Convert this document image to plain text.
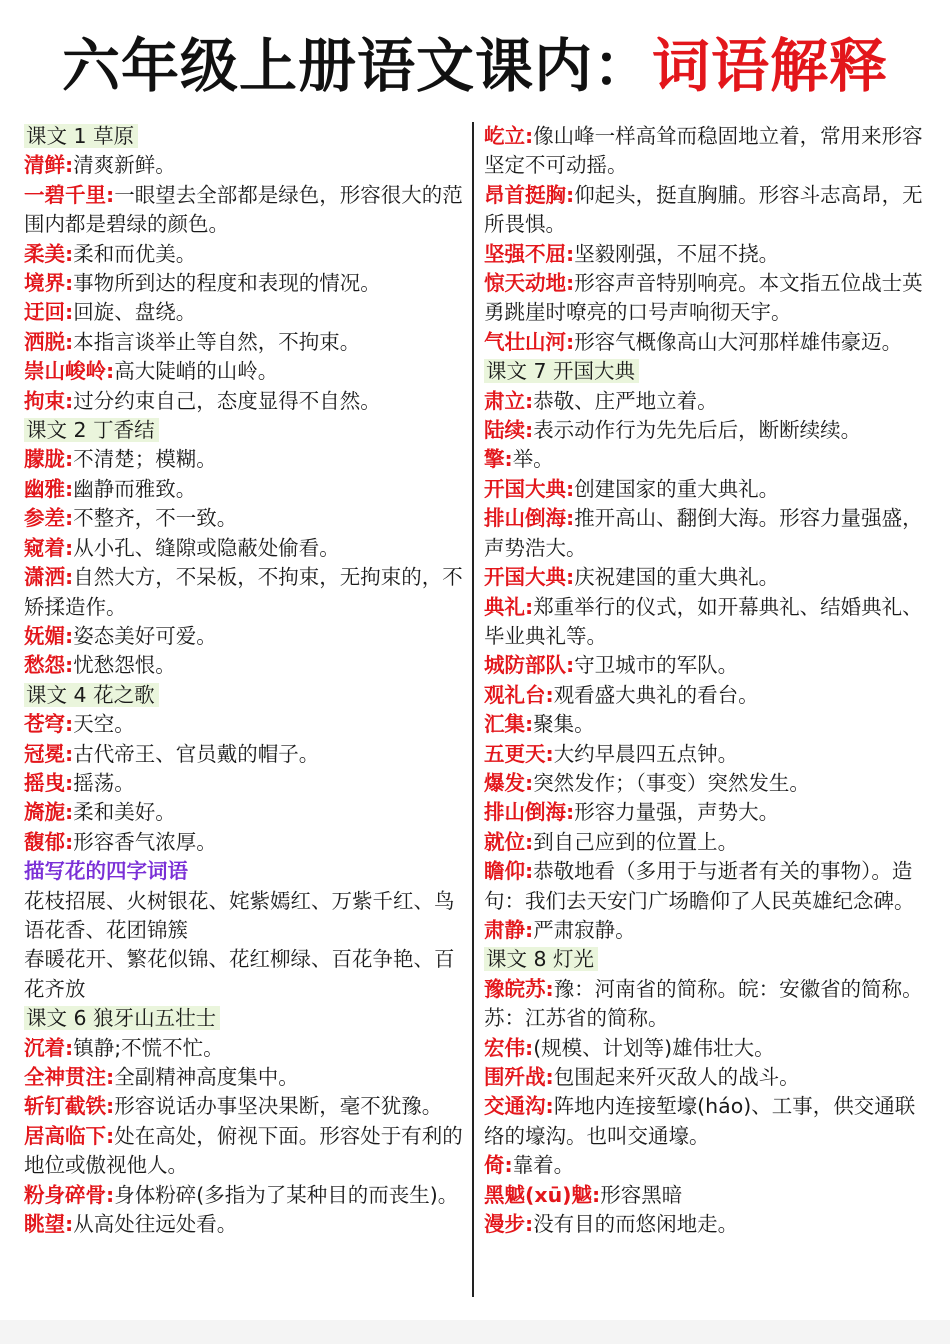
六年级上册语文课内： 词语解释

课文 1 草原

清鲜:清爽新鲜。

一碧千里:一眼望去全部都是绿色，形容很大的范围内都是碧绿的颜色。

柔美:柔和而优美。

境界:事物所到达的程度和表现的情况。

迂回:回旋、盘绕。

洒脱:本指言谈举止等自然，不拘束。

崇山峻岭:高大陡峭的山岭。

拘束:过分约束自己，态度显得不自然。

课文 2 丁香结

朦胧:不清楚；模糊。

幽雅:幽静而雅致。

参差:不整齐，不一致。

窥着:从小孔、缝隙或隐蔽处偷看。

潇洒:自然大方，不呆板，不拘束，无拘束的，不矫揉造作。

妩媚:姿态美好可爱。

愁怨:忧愁怨恨。

课文 4 花之歌

苍穹:天空。

冠冕:古代帝王、官员戴的帽子。

摇曳:摇荡。

旖旎:柔和美好。

馥郁:形容香气浓厚。

描写花的四字词语

花枝招展、火树银花、姹紫嫣红、万紫千红、鸟语花香、花团锦簇

春暖花开、繁花似锦、花红柳绿、百花争艳、百花齐放

课文 6 狼牙山五壮士

沉着:镇静;不慌不忙。

全神贯注:全副精神高度集中。

斩钉截铁:形容说话办事坚决果断，毫不犹豫。

居高临下:处在高处，俯视下面。形容处于有利的地位或傲视他人。

粉身碎骨:身体粉碎(多指为了某种目的而丧生)。

眺望:从高处往远处看。

屹立:像山峰一样高耸而稳固地立着，常用来形容坚定不可动摇。

昂首挺胸:仰起头，挺直胸脯。形容斗志高昂，无所畏惧。

坚强不屈:坚毅刚强，不屈不挠。

惊天动地:形容声音特别响亮。本文指五位战士英勇跳崖时嘹亮的口号声响彻天宇。

气壮山河:形容气概像高山大河那样雄伟豪迈。

课文 7 开国大典

肃立:恭敬、庄严地立着。

陆续:表示动作行为先先后后，断断续续。

擎:举。

开国大典:创建国家的重大典礼。

排山倒海:推开高山、翻倒大海。形容力量强盛，声势浩大。

开国大典:庆祝建国的重大典礼。

典礼:郑重举行的仪式，如开幕典礼、结婚典礼、毕业典礼等。

城防部队:守卫城市的军队。

观礼台:观看盛大典礼的看台。

汇集:聚集。

五更天:大约早晨四五点钟。

爆发:突然发作；（事变）突然发生。

排山倒海:形容力量强，声势大。

就位:到自己应到的位置上。

瞻仰:恭敬地看（多用于与逝者有关的事物）。造句：我们去天安门广场瞻仰了人民英雄纪念碑。

肃静:严肃寂静。

课文 8 灯光

豫皖苏:豫：河南省的简称。皖：安徽省的简称。苏：江苏省的简称。

宏伟:(规模、计划等)雄伟壮大。

围歼战:包围起来歼灭敌人的战斗。

交通沟:阵地内连接堑壕(háo)、工事，供交通联络的壕沟。也叫交通壕。

倚:靠着。

黑魆(xū)魆:形容黑暗

漫步:没有目的而悠闲地走。
